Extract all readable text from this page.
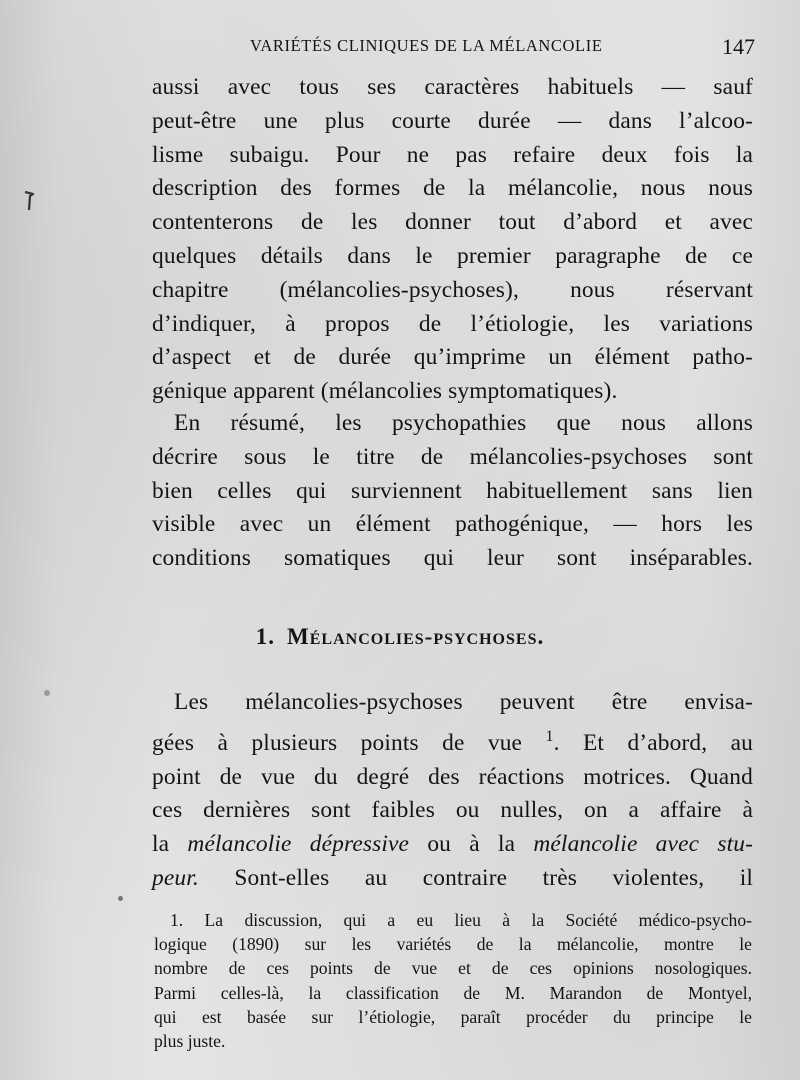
VARIÉTÉS CLINIQUES DE LA MÉLANCOLIE	147
aussi avec tous ses caractères habituels — sauf
peut-être une plus courte durée — dans l’alcoo-
lisme subaigu. Pour ne pas refaire deux fois la
description des formes de la mélancolie, nous nous
contenterons de les donner tout d’abord et avec
quelques détails dans le premier paragraphe de ce
chapitre (mélancolies-psychoses), nous réservant
d’indiquer, à propos de l’étiologie, les variations
d’aspect et de durée qu’imprime un élément patho-
génique apparent (mélancolies symptomatiques).
En résumé, les psychopathies que nous allons
décrire sous le titre de mélancolies-psychoses sont
bien celles qui surviennent habituellement sans lien
visible avec un élément pathogénique, — hors les
conditions somatiques qui leur sont inséparables.
1. Mélancolies-psychoses.
Les mélancolies-psychoses peuvent être envisa-
gées à plusieurs points de vue $^1$. Et d’abord, au
point de vue du degré des réactions motrices. Quand
ces dernières sont faibles ou nulles, on a affaire à
la mélancolie dépressive ou à la mélancolie avec stu-
peur. Sont-elles au contraire très violentes, il
1. La discussion, qui a eu lieu à la Société médico-psycho-
logique (1890) sur les variétés de la mélancolie, montre le
nombre de ces points de vue et de ces opinions nosologiques.
Parmi celles-là, la classification de M. Marandon de Montyel,
qui est basée sur l’étiologie, paraît procéder du principe le
plus juste.
